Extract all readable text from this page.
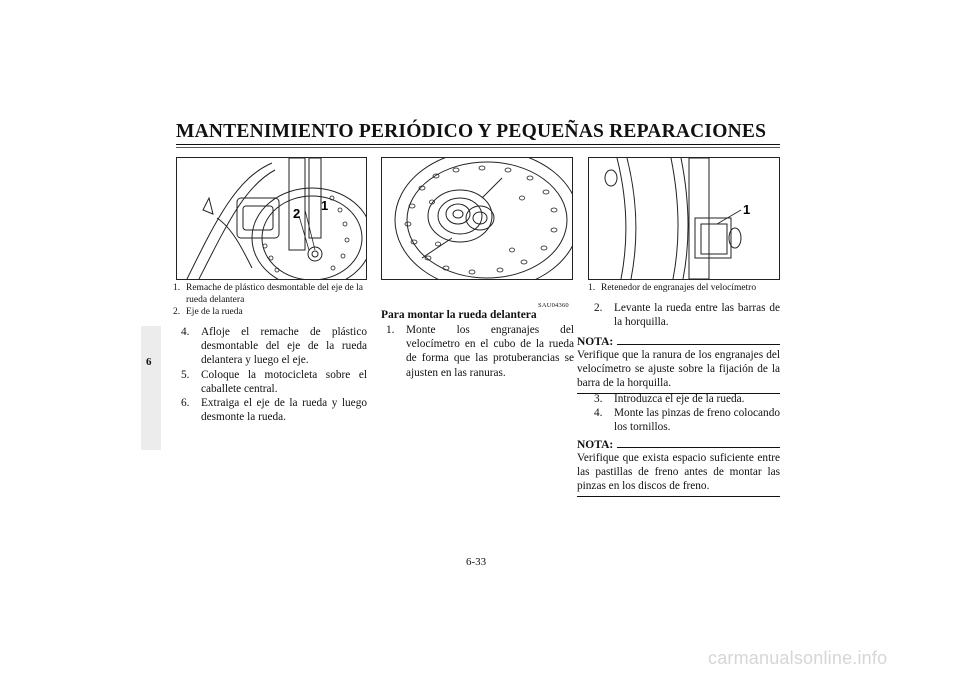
MANTENIMIENTO PERIÓDICO Y PEQUEÑAS REPARACIONES
6
2
1	1
1. Remache de plástico desmontable del eje de la rueda delantera
2. Eje de la rueda
4.	Afloje el remache de plástico desmontable del eje de la rueda delantera y luego el eje.
5.	Coloque la motocicleta sobre el caballete central.
6.	Extraiga el eje de la rueda y luego desmonte la rueda.
SAU04360
Para montar la rueda delantera
1.	Monte los engranajes del velocímetro en el cubo de la rueda de forma que las protuberancias se ajusten en las ranuras.
1. Retenedor de engranajes del velocímetro
2.	Levante la rueda entre las barras de la horquilla.
NOTA:
Verifique que la ranura de los engranajes del velocímetro se ajuste sobre la fijación de la barra de la horquilla.
3.	Introduzca el eje de la rueda.
4.	Monte las pinzas de freno colocando los tornillos.
NOTA:
Verifique que exista espacio suficiente entre las pastillas de freno antes de montar las pinzas en los discos de freno.
6-33
carmanualsonline.info
